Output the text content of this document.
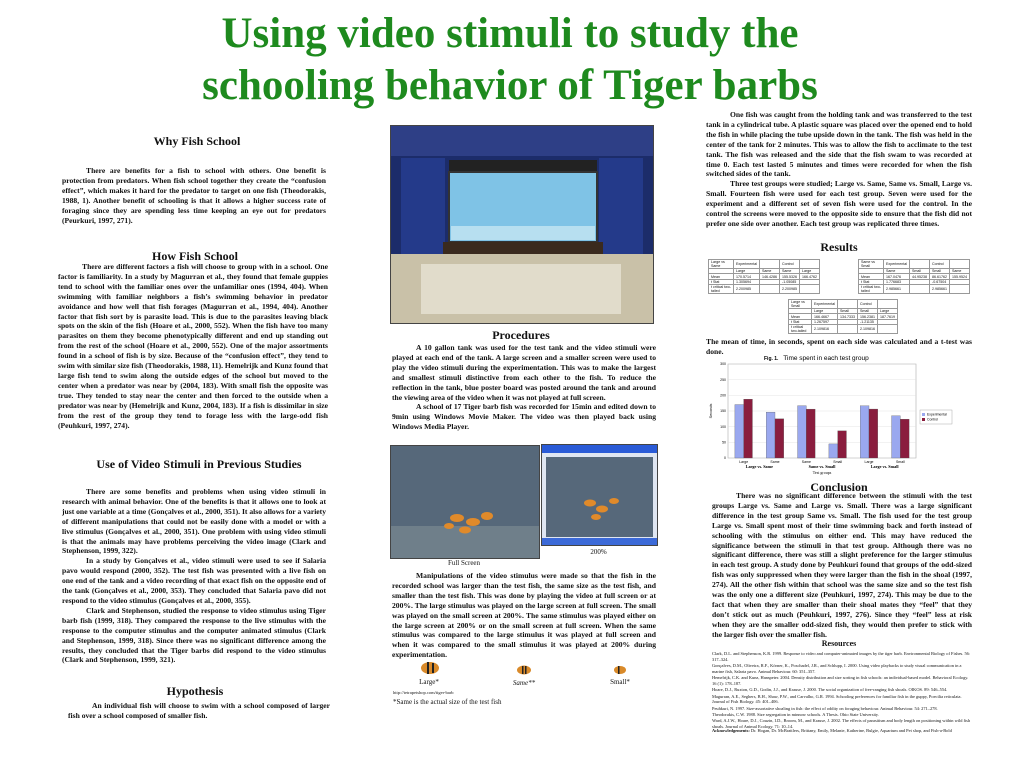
Using video stimuli to study the
schooling behavior of Tiger barbs
Why Fish School

There are benefits for a fish to school with others. One benefit is protection from predators. When fish school together they create the “confusion effect”, which makes it hard for the predator to target on one fish (Theodorakis, 1988, 1). Another benefit of schooling is that it allows a higher success rate of foraging since they are spending less time keeping an eye out for predators (Peurkuri, 1997, 271).

How Fish School

There are different factors a fish will choose to group with in a school. One factor is familiarity. In a study by Magurran et al., they found that female guppies tend to school with the familiar ones over the unfamiliar ones (1994, 404). When swimming with familiar neighbors a fish’s swimming behavior in predator avoidance and how well that fish forages (Magurran et al., 1994, 404). Another factor that fish sort by is parasite load. This is due to the parasites leaving black spots on the skin of the fish (Hoare et al., 2000, 552). When the fish have too many parasites on them they become phenotypically different and end up standing out from the rest of the school (Hoare et al., 2000, 552). One of the major assortments found in a school of fish is by size. Because of the “confusion effect”, they tend to swim with similar size fish (Theodorakis, 1988, 11). Hemelrijk and Kunz found that large fish tend to swim along the outside edges of the school but moved to the center when a predator was near by (2004, 183). With small fish the opposite was true. They tended to stay near the center and then forced to the outside when a predator was near by (Hemelrijk and Kunz, 2004, 183). If a fish is dissimilar in size from the rest of the group they tend to forage less with the large-odd fish (Peuhkuri, 1997, 274).

Use of Video Stimuli in Previous Studies

There are some benefits and problems when using video stimuli in research with animal behavior. One of the benefits is that it allows one to look at just one variable at a time (Gonçalves et al., 2000, 351). It also allows for a variety of different manipulations that could not be easily done with a model or with a live stimulus (Gonçalves et al., 2000, 351). One problem with using video stimuli is that the animals may have problems perceiving the video image (Clark and Stephenson, 1999, 322).

In a study by Gonçalves et al., video stimuli were used to see if Salaria pavo would respond (2000, 352). The test fish was presented with a live fish on one end of the tank and a video recording of that exact fish on the opposite end of the tank (Gonçalves et al., 2000, 353). They concluded that Salaria pavo did not respond to the video stimulus (Gonçalves et al., 2000, 355).

Clark and Stephenson, studied the response to video stimulus using Tiger barb fish (1999, 318). They compared the response to the live stimulus with the response to the computer stimulus and the computer animated stimulus (Clark and Stephenson, 1999, 318). Since there was no significant difference among the results, they concluded that the Tiger barbs did respond to the video stimulus (Clark and Stephenson, 1999, 321).

Hypothesis

An individual fish will choose to swim with a school composed of larger fish over a school composed of smaller fish.

Procedures

A 10 gallon tank was used for the test tank and the video stimuli were played at each end of the tank. A large screen and a smaller screen were used to play the video stimuli during the experimentation. This was to make the largest and smallest stimuli distinctive from each other to the fish. To reduce the reflection in the tank, blue poster board was posted around the tank and around the viewing area of the video when it was not played at full screen.

A school of 17 Tiger barb fish was recorded for 15min and edited down to 9min using Windows Movie Maker. The video was then played back using Windows Media Player.

Full Screen
200%

Manipulations of the video stimulus were made so that the fish in the recorded school was larger than the test fish, the same size as the test fish, and smaller than the test fish. This was done by playing the video at full screen or at 200%. The large stimulus was played on the large screen at full screen. The small was played on the small screen at 200%. The same stimulus was played either on the large screen at 200% or on the small screen at full screen. When the same stimulus was compared to the large stimulus it was played at full screen and when it was compared to the small stimulus it was played at 200% during experimentation.

Large*	Same**	Small*
http://tetrapetshop.com/tiger-barb
*Same is the actual size of the test fish

One fish was caught from the holding tank and was transferred to the test tank in a cylindrical tube. A plastic square was placed over the opened end to hold the fish in while placing the tube upside down in the tank. The fish was held in the center of the tank for 2 minutes. This was to allow the fish to acclimate to the test tank. The fish was released and the side that the fish swam to was recorded at time 0. Each test lasted 5 minutes and times were recorded for when the fish switched sides of the tank.

Three test groups were studied; Large vs. Same, Same vs. Small, Large vs. Small. Fourteen fish were used for each test group. Seven were used for the experiment and a different set of seven fish were used for the control. In the control the screens were moved to the opposite side to ensure that the fish did not prefer one side over another. Each test group was replicated three times.

Results
Large vs Same	Experimental		Control	
	Large	Same	Same	Large
Mean	170.5714	146.4286	155.5326	166.4762
t Stat	1.305694		-1.05085	
t critical two-tailed	2.200985		2.200985	
Same vs Small	Experimental		Control	
	Same	Small	Small	Same
Mean	167.0476	44.95238	86.61762	155.9524
t Stat	1.776683		-0.67504	
t critical two-tailed	2.985661		2.985661	
Large vs Small	Experimental		Control	
	Large	Small	Small	Large
Mean	166.4667	134.7333	156.2381	187.7619
t Stat	1.267597		-1.21135	
t critical two-tailed	2.109816		2.109816	

The mean of time, in seconds, spent on each side was calculated and a t-test was done.

Fig. 1. Time spent in each test group
0
50
100
150
200
250
300
Seconds
Large	Same	Same	Small	Large	Small
Large vs. Same	Same vs. Small	Large vs. Small
Test groups
Experimental
Control
Conclusion

There was no significant difference between the stimuli with the test groups Large vs. Same and Large vs. Small. There was a large significant difference in the test group Same vs. Small. The fish used for the test group Large vs. Small spent most of their time swimming back and forth instead of schooling with the stimulus on either end. This may have reduced the significance between the stimuli in that test group. Although there was no significant difference, there was still a slight preference for the larger stimulus in each test group. A study done by Peuhkuri found that groups of the odd-sized fish was only suppressed when they were larger than the fish in the shoal (1997, 274). All the other fish within that school was the same size and so the test fish was the only one a different size (Peuhkuri, 1997, 274). This may be due to the fact that when they are smaller than their shoal mates they “feel” that they don’t stick out as much (Peuhkuri, 1997, 276). Since they “feel” less at risk when they are the smaller odd-sized fish, they would then prefer to stick with the larger fish over the smaller fish.

Resources
Clark, D.L. and Stephenson, K.R. 1999. Response to video and computer-animated images by the tiger barb. Environmental Biology of Fishes. 56: 317–324.
Gonçalves, D.M., Oliveira, R.F., Körner, K., Poschadel, J.R., and Schlupp, I. 2000. Using video playbacks to study visual communication in a marine fish, Salaria pavo. Animal Behaviour. 60: 351–357.
Hemelrijk, C.K. and Kunz, Hanspeter. 2004. Density distribution and size sorting in fish schools: an individual-based model. Behavioral Ecology. 16 (1): 178–187.
Hoare, D.J., Ruxton, G.D., Godin, J.J., and Krause, J. 2000. The social organization of free-ranging fish shoals. OIKOS. 89: 546–554.
Magurran, A.E., Seghers, B.H., Shaw, P.W., and Carvalho, G.R. 1994. Schooling preferences for familiar fish in the guppy, Poecilia reticulata. Journal of Fish Biology. 45: 401–406.
Peuhkuri, N. 1997. Size-assortative shoaling in fish: the effect of oddity on foraging behaviour. Animal Behaviour. 54: 271–278.
Theodorakis, C.W. 1988. Size segregation in minnow schools. A Thesis. Ohio State University.
Ward, A.J.W., Hoare, D.J., Couzin, I.D., Broom, M., and Krause, J. 2002. The effects of parasitism and body length on positioning within wild fish shoals. Journal of Animal Ecology. 71: 10–14.
Acknowledgements: Dr. Hogan, Dr. McBrattlers, Brittany, Emily, Melanie, Katherine, Bulgie, Aquarium and Pet shop, and Fish-a-Bold
